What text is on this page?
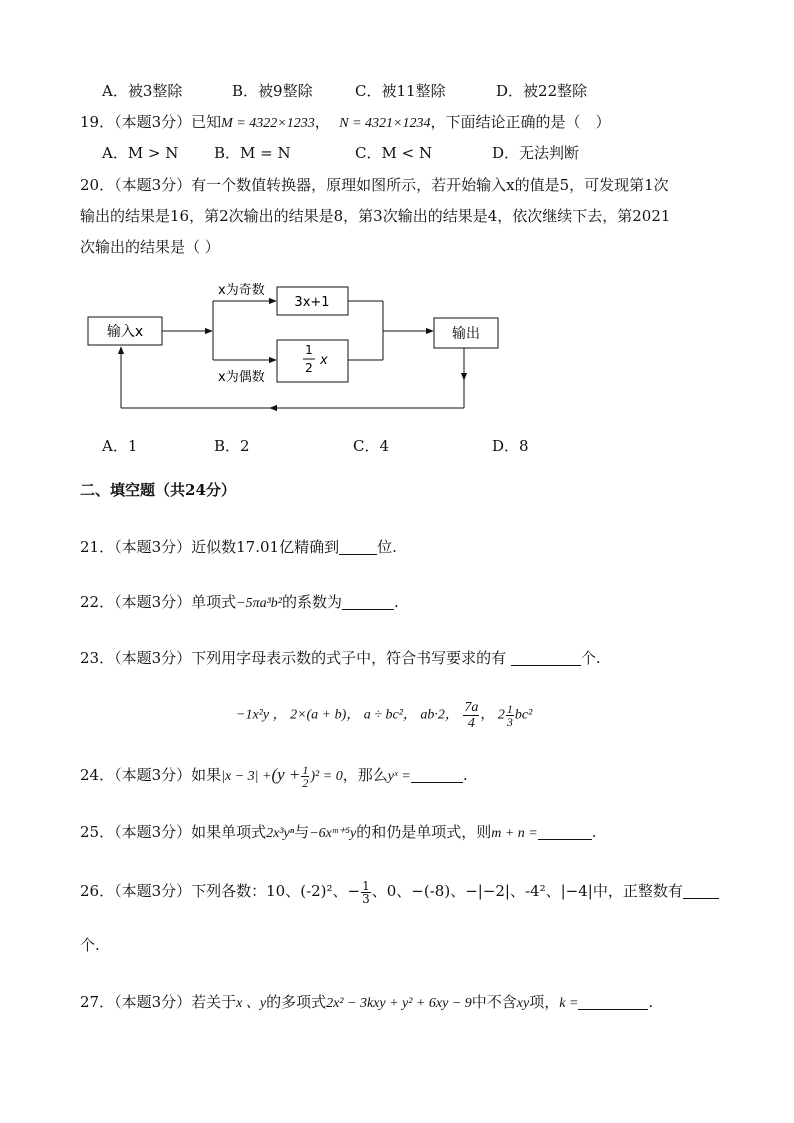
A．被3整除	B．被9整除	C．被11整除	D．被22整除
19．（本题3分）已知M = 4322×1233，  N = 4321×1234，下面结论正确的是（　）
A．M > N B．M = N	C．M < N	D．无法判断
20．（本题3分）有一个数值转换器，原理如图所示，若开始输入x的值是5，可发现第1次
输出的结果是16，第2次输出的结果是8，第3次输出的结果是4，依次继续下去，第2021
次输出的结果是（ ）
输入x
x为奇数
3x+1
x为偶数
1
2 x
输出
A．1	B．2	C．4	D．8
二、填空题（共24分）
21．（本题3分）近似数17.01亿精确到	位.
22．（本题3分）单项式−5πa³b²的系数为	.
23．（本题3分）下列用字母表示数的式子中，符合书写要求的有	个.
−1x²y ， 2×(a + b)， a ÷ bc²， ab·2， $\frac{7a}{4}$ ， $2 \frac{1}{3} bc^2$
24．（本题3分）如果$|x - 3| +(y + \frac{1}{2} )^2 = 0$，那么yˣ =	.
25．（本题3分）如果单项式2x³yⁿ与−6xᵐ⁺⁵y的和仍是单项式，则m + n =	.
26．（本题3分）下列各数：10、(-2)²、− $\frac{1}{3}$ 、0、−(-8)、−|−2|、-4²、|−4|中，正整数有
个.
27．（本题3分）若关于x 、y的多项式2x² − 3kxy + y² + 6xy − 9中不含xy项，k =	.
